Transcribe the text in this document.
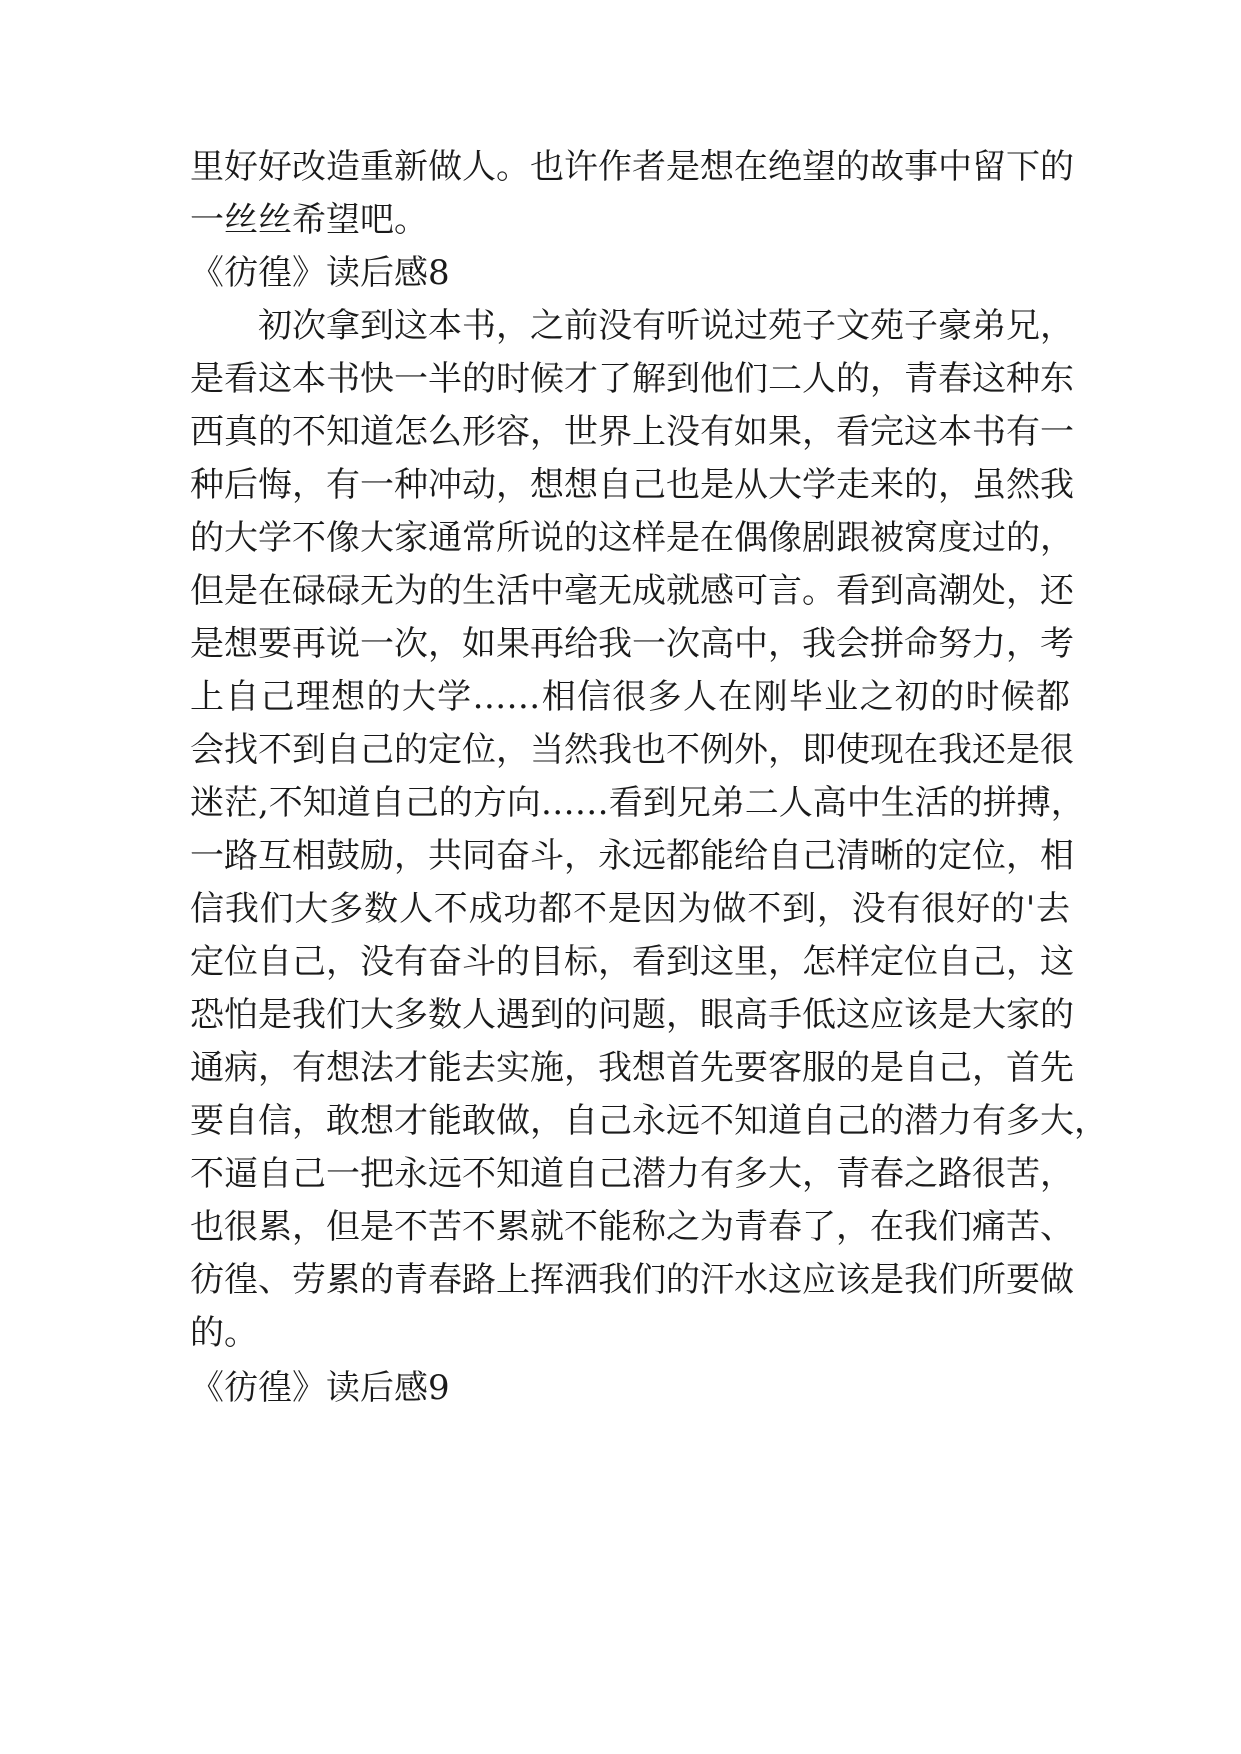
里好好改造重新做人。也许作者是想在绝望的故事中留下的
一丝丝希望吧。
《彷徨》读后感8
初次拿到这本书，之前没有听说过苑子文苑子豪弟兄，
是看这本书快一半的时候才了解到他们二人的，青春这种东
西真的不知道怎么形容，世界上没有如果，看完这本书有一
种后悔，有一种冲动，想想自己也是从大学走来的，虽然我
的大学不像大家通常所说的这样是在偶像剧跟被窝度过的，
但是在碌碌无为的生活中毫无成就感可言。看到高潮处，还
是想要再说一次，如果再给我一次高中，我会拼命努力，考
上自己理想的大学……相信很多人在刚毕业之初的时候都
会找不到自己的定位，当然我也不例外，即使现在我还是很
迷茫,不知道自己的方向……看到兄弟二人高中生活的拼搏，
一路互相鼓励，共同奋斗，永远都能给自己清晰的定位，相
信我们大多数人不成功都不是因为做不到，没有很好的'去
定位自己，没有奋斗的目标，看到这里，怎样定位自己，这
恐怕是我们大多数人遇到的问题，眼高手低这应该是大家的
通病，有想法才能去实施，我想首先要客服的是自己，首先
要自信，敢想才能敢做，自己永远不知道自己的潜力有多大，
不逼自己一把永远不知道自己潜力有多大，青春之路很苦，
也很累，但是不苦不累就不能称之为青春了，在我们痛苦、
彷徨、劳累的青春路上挥洒我们的汗水这应该是我们所要做
的。
《彷徨》读后感9
